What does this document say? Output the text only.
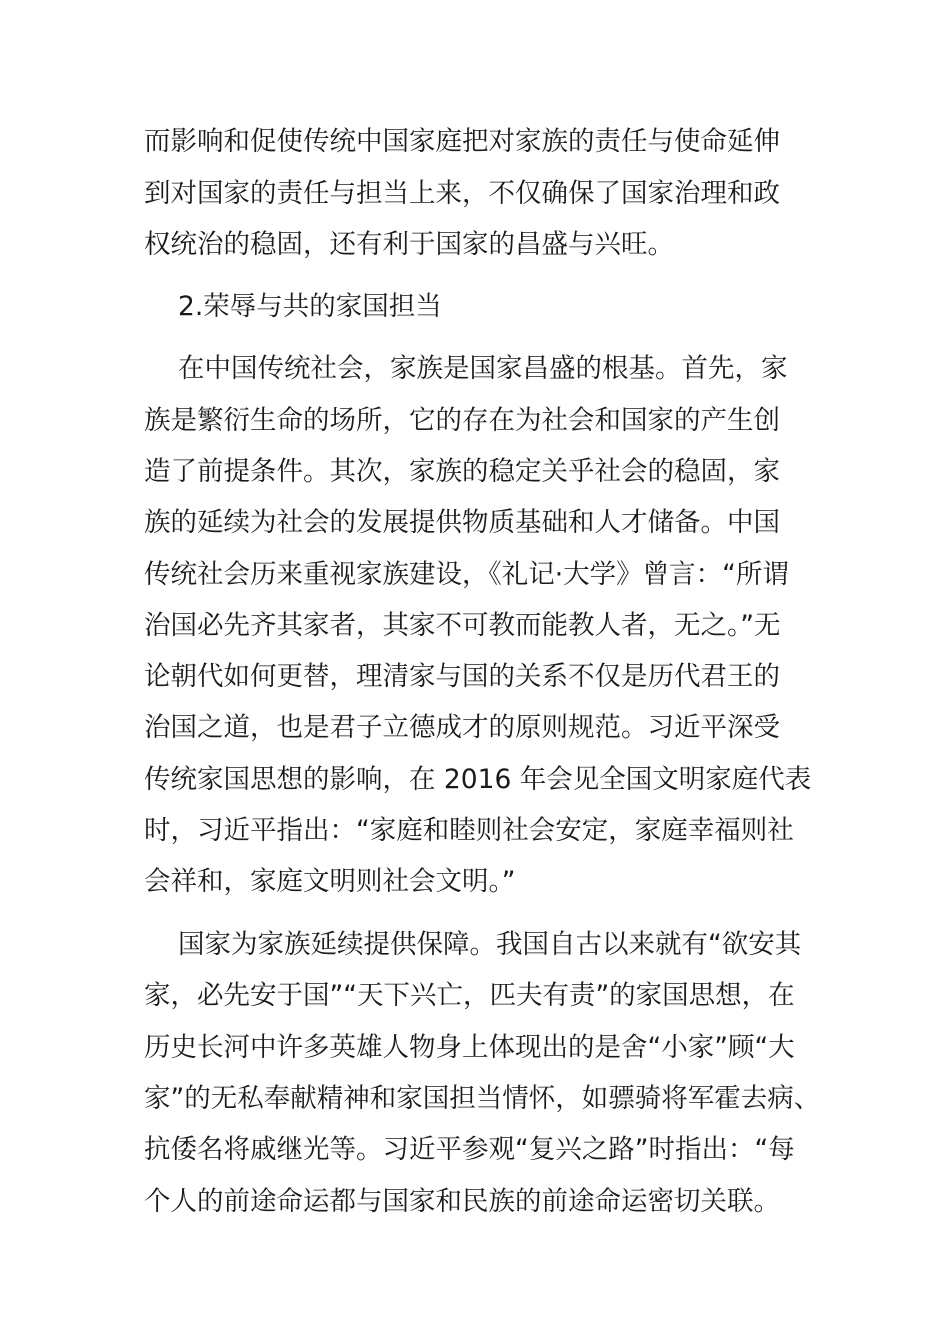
而影响和促使传统中国家庭把对家族的责任与使命延伸
到对国家的责任与担当上来，不仅确保了国家治理和政
权统治的稳固，还有利于国家的昌盛与兴旺。
2.荣辱与共的家国担当
在中国传统社会，家族是国家昌盛的根基。首先，家
族是繁衍生命的场所，它的存在为社会和国家的产生创
造了前提条件。其次，家族的稳定关乎社会的稳固，家
族的延续为社会的发展提供物质基础和人才储备。中国
传统社会历来重视家族建设，《礼记·大学》曾言：“所谓
治国必先齐其家者，其家不可教而能教人者，无之。”无
论朝代如何更替，理清家与国的关系不仅是历代君王的
治国之道，也是君子立德成才的原则规范。习近平深受
传统家国思想的影响，在 2016 年会见全国文明家庭代表
时，习近平指出：“家庭和睦则社会安定，家庭幸福则社
会祥和，家庭文明则社会文明。”
国家为家族延续提供保障。我国自古以来就有“欲安其
家，必先安于国”“天下兴亡，匹夫有责”的家国思想，在
历史长河中许多英雄人物身上体现出的是舍“小家”顾“大
家”的无私奉献精神和家国担当情怀，如骠骑将军霍去病、
抗倭名将戚继光等。习近平参观“复兴之路”时指出：“每
个人的前途命运都与国家和民族的前途命运密切关联。
